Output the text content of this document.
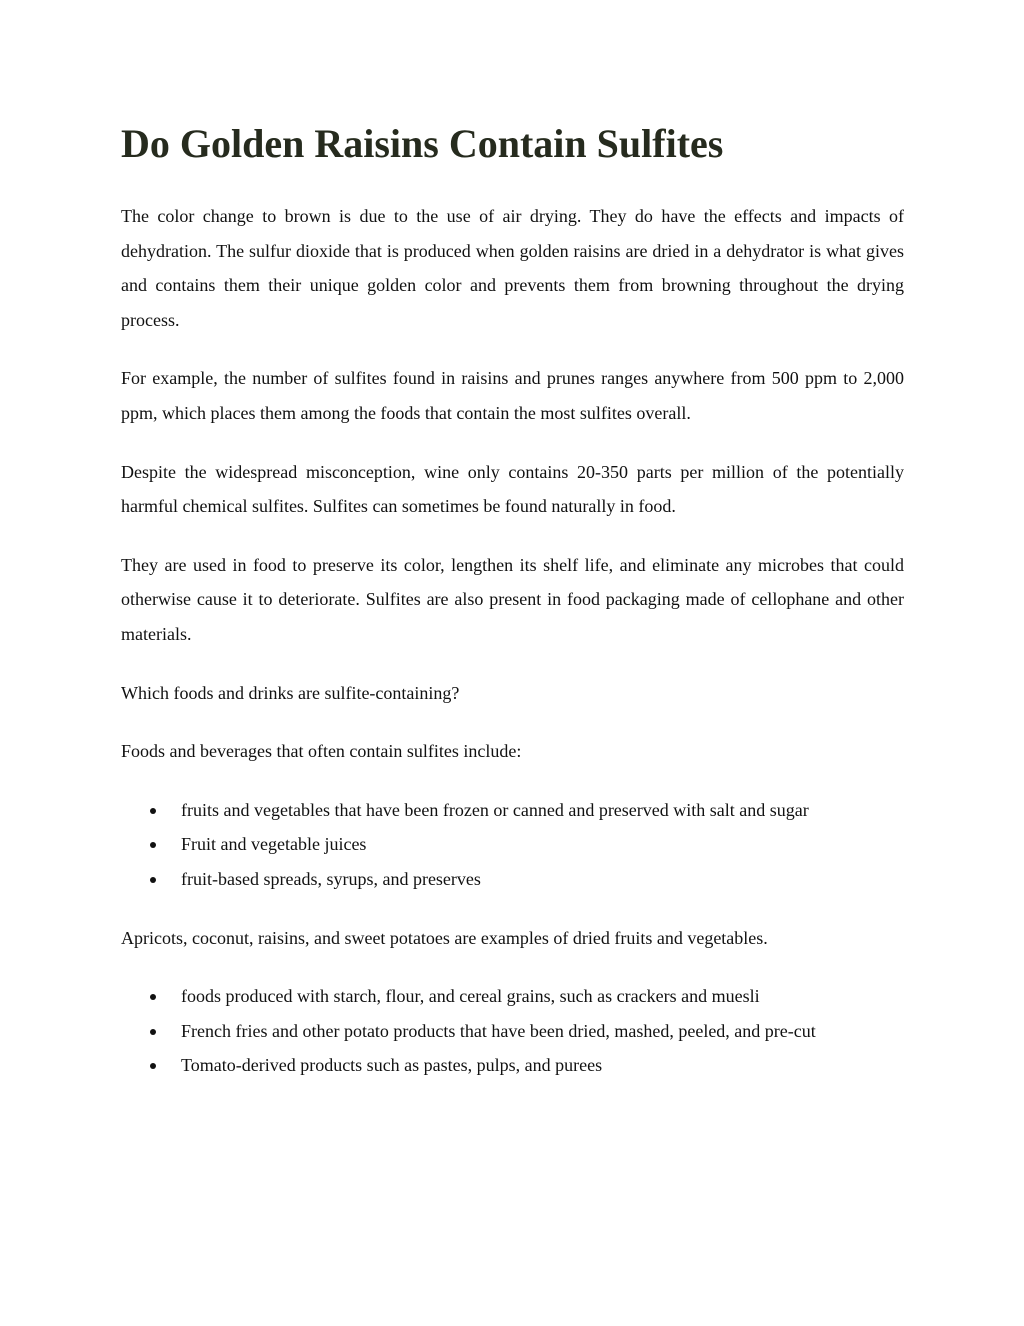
Do Golden Raisins Contain Sulfites

The color change to brown is due to the use of air drying. They do have the effects and impacts of dehydration. The sulfur dioxide that is produced when golden raisins are dried in a dehydrator is what gives and contains them their unique golden color and prevents them from browning throughout the drying process.

For example, the number of sulfites found in raisins and prunes ranges anywhere from 500 ppm to 2,000 ppm, which places them among the foods that contain the most sulfites overall.

Despite the widespread misconception, wine only contains 20-350 parts per million of the potentially harmful chemical sulfites. Sulfites can sometimes be found naturally in food.

They are used in food to preserve its color, lengthen its shelf life, and eliminate any microbes that could otherwise cause it to deteriorate. Sulfites are also present in food packaging made of cellophane and other materials.

Which foods and drinks are sulfite-containing?

Foods and beverages that often contain sulfites include:

fruits and vegetables that have been frozen or canned and preserved with salt and sugar
Fruit and vegetable juices
fruit-based spreads, syrups, and preserves

Apricots, coconut, raisins, and sweet potatoes are examples of dried fruits and vegetables.

foods produced with starch, flour, and cereal grains, such as crackers and muesli
French fries and other potato products that have been dried, mashed, peeled, and pre-cut
Tomato-derived products such as pastes, pulps, and purees
